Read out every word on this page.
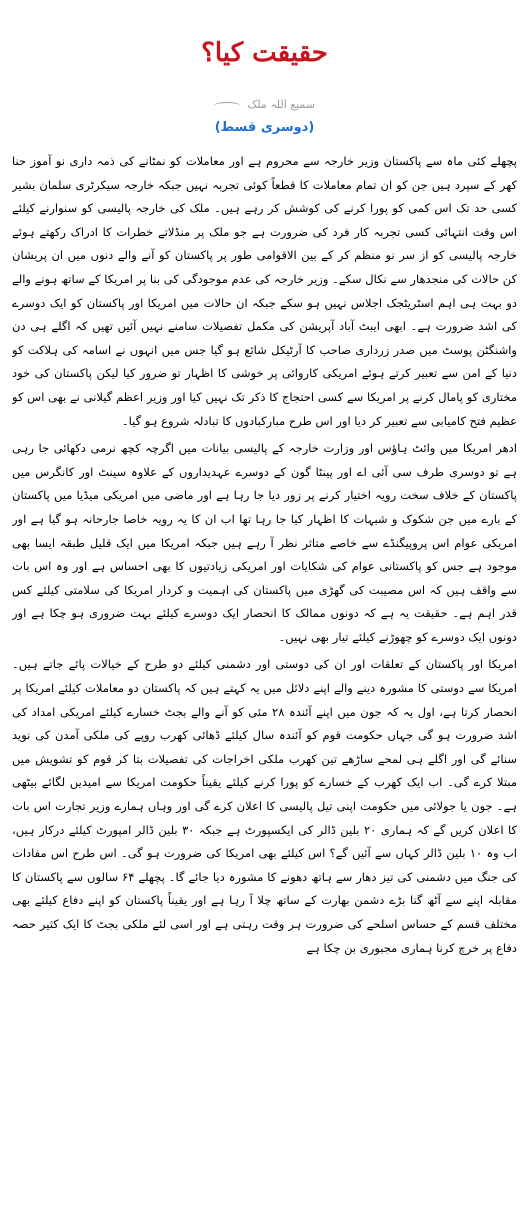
حقیقت کیا؟
سمیع اللہ ملک
(دوسری قسط)

پچھلے کئی ماہ سے پاکستان وزیر خارجہ سے محروم ہے اور معاملات کو نمٹانے کی ذمہ داری نو آموز حنا کھر کے سپرد ہیں جن کو ان تمام معاملات کا قطعاً کوئی تجربہ نہیں جبکہ خارجہ سیکرٹری سلمان بشیر کسی حد تک اس کمی کو پورا کرنے کی کوشش کر رہے ہیں۔ ملک کی خارجہ پالیسی کو سنوارنے کیلئے اس وقت انتہائی کسی تجربہ کار فرد کی ضرورت ہے جو ملک پر منڈلاتے خطرات کا ادراک رکھتے ہوئے خارجہ پالیسی کو از سر نو منظم کر کے بین الاقوامی طور پر پاکستان کو آنے والے دنوں میں ان پریشان کن حالات کی منجدھار سے نکال سکے۔ وزیر خارجہ کی عدم موجودگی کی بنا پر امریکا کے ساتھ ہونے والے دو بہت ہی اہم اسٹریٹجک اجلاس نہیں ہو سکے جبکہ ان حالات میں امریکا اور پاکستان کو ایک دوسرے کی اشد ضرورت ہے۔ ابھی ایبٹ آباد آپریشن کی مکمل تفصیلات سامنے نہیں آئیں تھیں کہ اگلے ہی دن واشنگٹن پوسٹ میں صدر زرداری صاحب کا آرٹیکل شائع ہو گیا جس میں انہوں نے اسامہ کی ہلاکت کو دنیا کے امن سے تعبیر کرتے ہوئے امریکی کاروائی پر خوشی کا اظہار تو ضرور کیا لیکن پاکستان کی خود مختاری کو پامال کرنے پر امریکا سے کسی احتجاج کا ذکر تک نہیں کیا اور وزیر اعظم گیلانی نے بھی اس کو عظیم فتح کامیابی سے تعبیر کر دیا اور اس طرح مبارکبادوں کا تبادلہ شروع ہو گیا۔

ادھر امریکا میں وائٹ ہاؤس اور وزارت خارجہ کے پالیسی بیانات میں اگرچہ کچھ نرمی دکھائی جا رہی ہے تو دوسری طرف سی آئی اے اور پینٹا گون کے دوسرے عہدیداروں کے علاوہ سینٹ اور کانگرس میں پاکستان کے خلاف سخت رویہ اختیار کرنے پر زور دیا جا رہا ہے اور ماضی میں امریکی میڈیا میں پاکستان کے بارے میں جن شکوک و شبہات کا اظہار کیا جا رہا تھا اب ان کا یہ رویہ خاصا جارحانہ ہو گیا ہے اور امریکی عوام اس پروپیگنڈے سے خاصے متاثر نظر آ رہے ہیں جبکہ امریکا میں ایک قلیل طبقہ ایسا بھی موجود ہے جس کو پاکستانی عوام کی شکایات اور امریکی زیادتیوں کا بھی احساس ہے اور وہ اس بات سے واقف ہیں کہ اس مصیبت کی گھڑی میں پاکستان کی اہمیت و کردار امریکا کی سلامتی کیلئے کس قدر اہم ہے۔ حقیقت یہ ہے کہ دونوں ممالک کا انحصار ایک دوسرے کیلئے بہت ضروری ہو چکا ہے اور دونوں ایک دوسرے کو چھوڑنے کیلئے تیار بھی نہیں۔

امریکا اور پاکستان کے تعلقات اور ان کی دوستی اور دشمنی کیلئے دو طرح کے خیالات پائے جاتے ہیں۔ امریکا سے دوستی کا مشورہ دینے والے اپنے دلائل میں یہ کہتے ہیں کہ پاکستان دو معاملات کیلئے امریکا پر انحصار کرتا ہے، اول یہ کہ جون میں اپنے آئندہ ۲۸ مئی کو آنے والے بجٹ خسارے کیلئے امریکی امداد کی اشد ضرورت ہو گی جہاں حکومت قوم کو آئندہ سال کیلئے ڈھائی کھرب روپے کی ملکی آمدن کی نوید سنائے گی اور اگلے ہی لمحے ساڑھے تین کھرب ملکی اخراجات کی تفصیلات بتا کر قوم کو تشویش میں مبتلا کرے گی۔ اب ایک کھرب کے خسارے کو پورا کرنے کیلئے یقیناً حکومت امریکا سے امیدیں لگائے بیٹھی ہے۔ جون یا جولائی میں حکومت اپنی تیل پالیسی کا اعلان کرے گی اور وہاں ہمارے وزیر تجارت اس بات کا اعلان کریں گے کہ ہماری ۲۰ بلین ڈالر کی ایکسپورٹ ہے جبکہ ۳۰ بلین ڈالر امپورٹ کیلئے درکار ہیں، اب وہ ۱۰ بلین ڈالر کہاں سے آئیں گے؟ اس کیلئے بھی امریکا کی ضرورت ہو گی۔ اس طرح اس مفادات کی جنگ میں دشمنی کی تیز دھار سے ہاتھ دھونے کا مشورہ دیا جائے گا۔ پچھلے ۶۴ سالوں سے پاکستان کا مقابلہ اپنے سے آٹھ گنا بڑے دشمن بھارت کے ساتھ چلا آ رہا ہے اور یقیناً پاکستان کو اپنے دفاع کیلئے بھی مختلف قسم کے حساس اسلحے کی ضرورت ہر وقت رہتی ہے اور اسی لئے ملکی بجٹ کا ایک کثیر حصہ دفاع پر خرچ کرنا ہماری مجبوری بن چکا ہے
